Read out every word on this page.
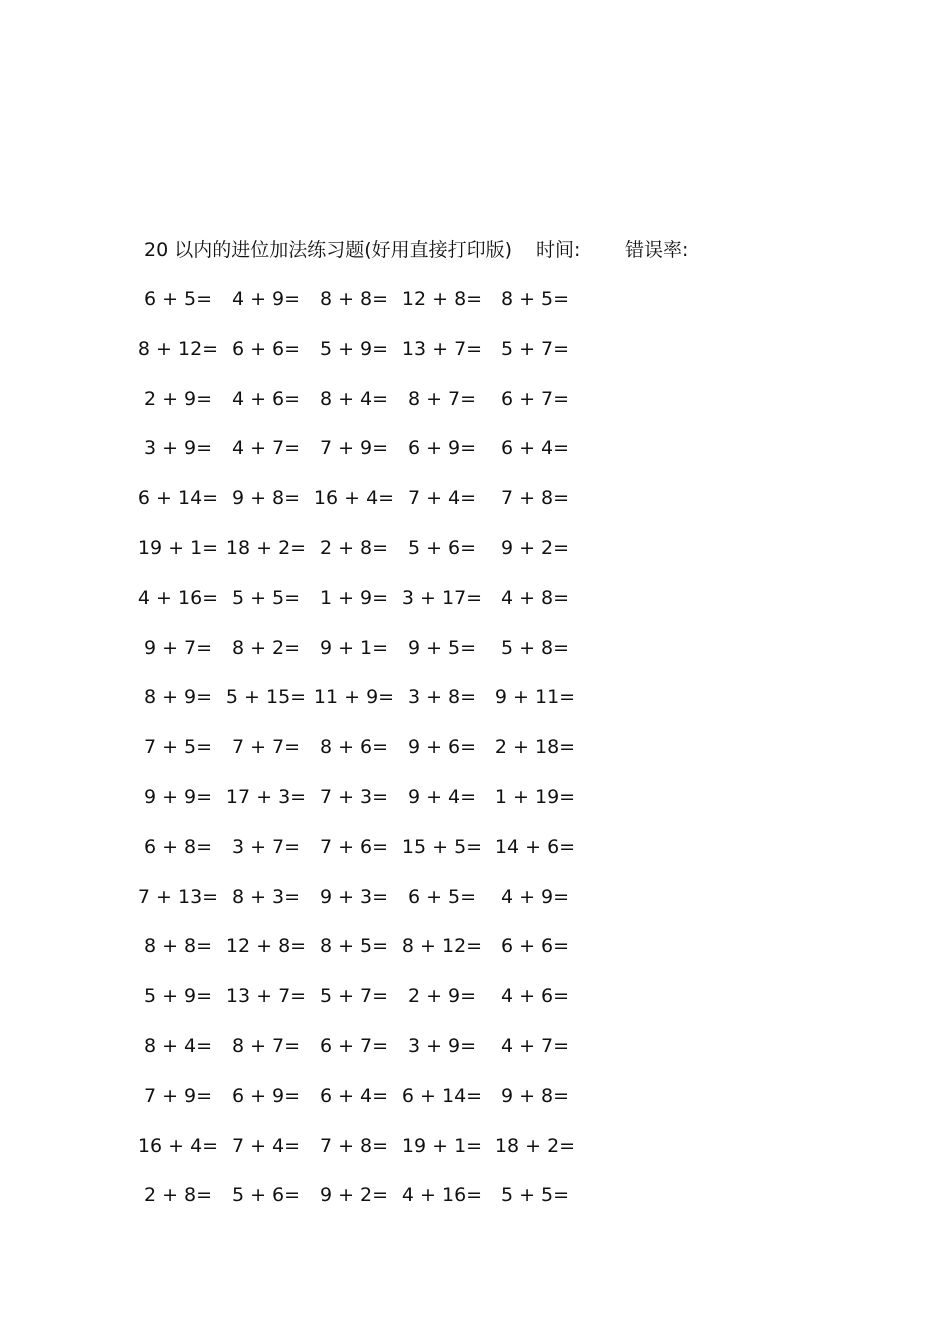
20 以内的进位加法练习题(好用直接打印版) 时间: 错误率:
6 + 5=	4 + 9=	8 + 8= 12 + 8= 8 + 5=
8 + 12= 6 + 6=	5 + 9= 13 + 7= 5 + 7=
2 + 9=	4 + 6=	8 + 4=	8 + 7=	6 + 7=
3 + 9=	4 + 7=	7 + 9=	6 + 9=	6 + 4=
6 + 14= 9 + 8= 16 + 4= 7 + 4=	7 + 8=
19 + 1= 18 + 2= 2 + 8=	5 + 6=	9 + 2=
4 + 16= 5 + 5=	1 + 9= 3 + 17= 4 + 8=
9 + 7=	8 + 2=	9 + 1=	9 + 5=	5 + 8=
8 + 9= 5 + 15= 11 + 9= 3 + 8= 9 + 11=
7 + 5=	7 + 7=	8 + 6=	9 + 6= 2 + 18=
9 + 9= 17 + 3= 7 + 3=	9 + 4= 1 + 19=
6 + 8=	3 + 7=	7 + 6= 15 + 5= 14 + 6=
7 + 13= 8 + 3=	9 + 3=	6 + 5=	4 + 9=
8 + 8= 12 + 8= 8 + 5= 8 + 12= 6 + 6=
5 + 9= 13 + 7= 5 + 7=	2 + 9=	4 + 6=
8 + 4=	8 + 7=	6 + 7=	3 + 9=	4 + 7=
7 + 9=	6 + 9=	6 + 4= 6 + 14= 9 + 8=
16 + 4= 7 + 4=	7 + 8= 19 + 1= 18 + 2=
2 + 8=	5 + 6=	9 + 2= 4 + 16= 5 + 5=
